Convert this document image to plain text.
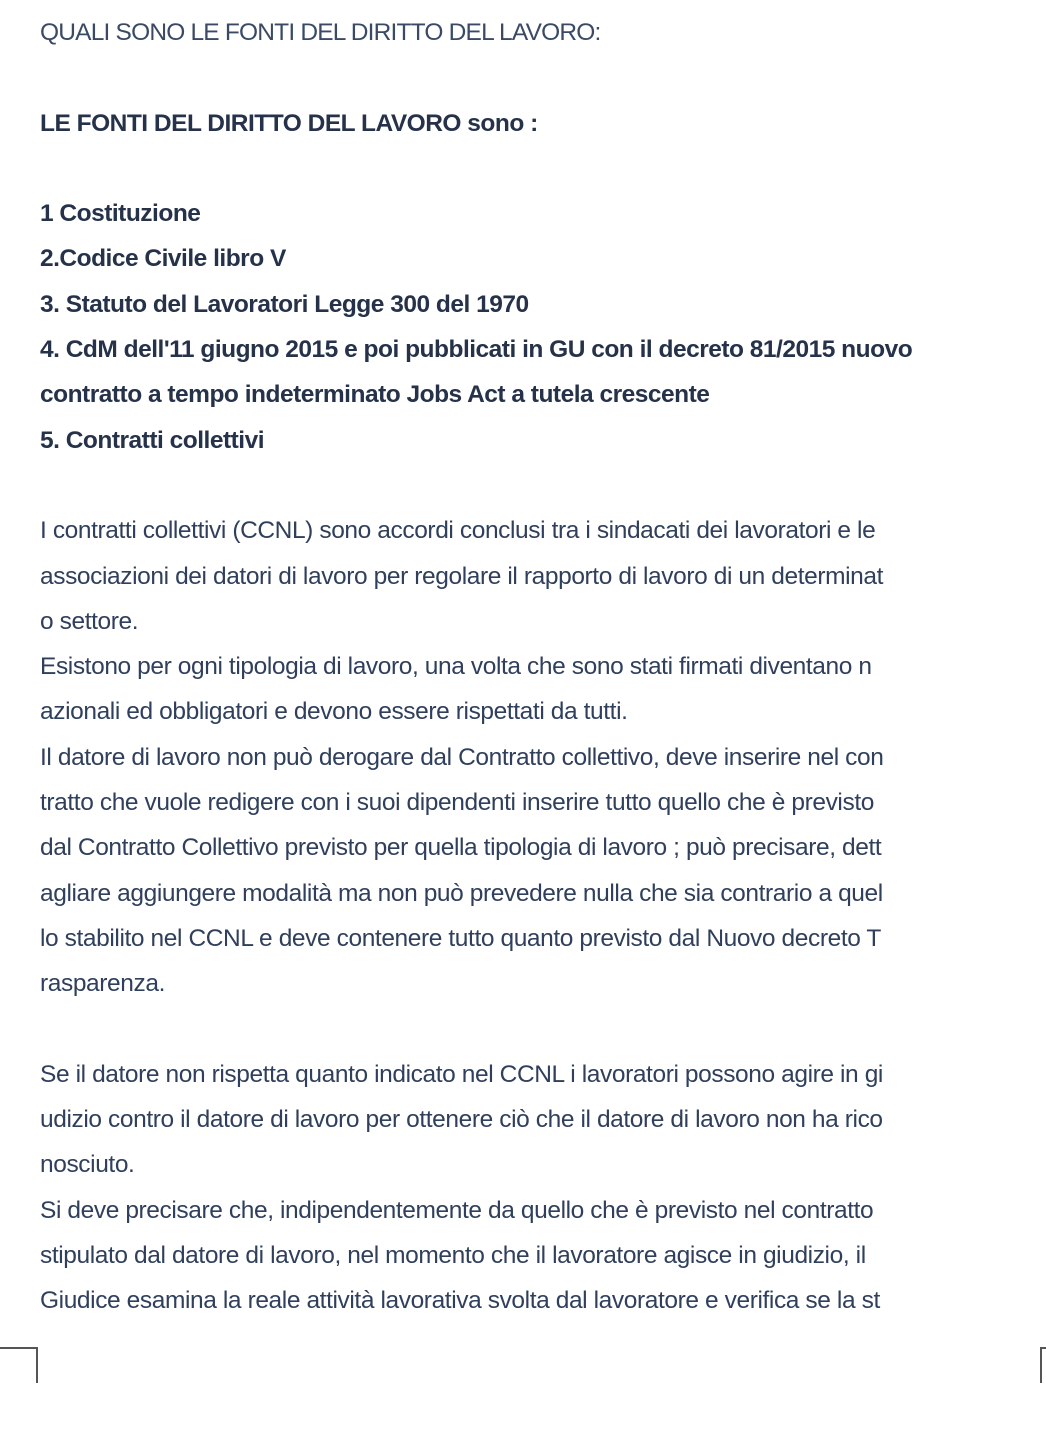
QUALI SONO LE FONTI DEL DIRITTO DEL LAVORO:
LE FONTI DEL DIRITTO DEL LAVORO sono :
1 Costituzione
2.Codice Civile libro V
3. Statuto del Lavoratori Legge 300 del 1970
4. CdM dell'11 giugno 2015 e poi pubblicati in GU con il decreto 81/2015 nuovo
contratto a tempo indeterminato Jobs Act a tutela crescente
5. Contratti collettivi
I contratti collettivi (CCNL) sono accordi conclusi tra i sindacati dei lavoratori e le
associazioni dei datori di lavoro per regolare il rapporto di lavoro di un determinat
o settore.
Esistono per ogni tipologia di lavoro, una volta che sono stati firmati diventano n
azionali ed obbligatori e devono essere rispettati da tutti.
Il datore di lavoro non può derogare dal Contratto collettivo, deve inserire nel con
tratto che vuole redigere con i suoi dipendenti inserire tutto quello che è previsto
dal Contratto Collettivo previsto per quella tipologia di lavoro ; può precisare, dett
agliare aggiungere modalità ma non può prevedere nulla che sia contrario a quel
lo stabilito nel CCNL e deve contenere tutto quanto previsto dal Nuovo decreto T
rasparenza.
Se il datore non rispetta quanto indicato nel CCNL i lavoratori possono agire in gi
udizio contro il datore di lavoro per ottenere ciò che il datore di lavoro non ha rico
nosciuto.
Si deve precisare che, indipendentemente da quello che è previsto nel contratto
stipulato dal datore di lavoro, nel momento che il lavoratore agisce in giudizio, il
Giudice esamina la reale attività lavorativa svolta dal lavoratore e verifica se la st
